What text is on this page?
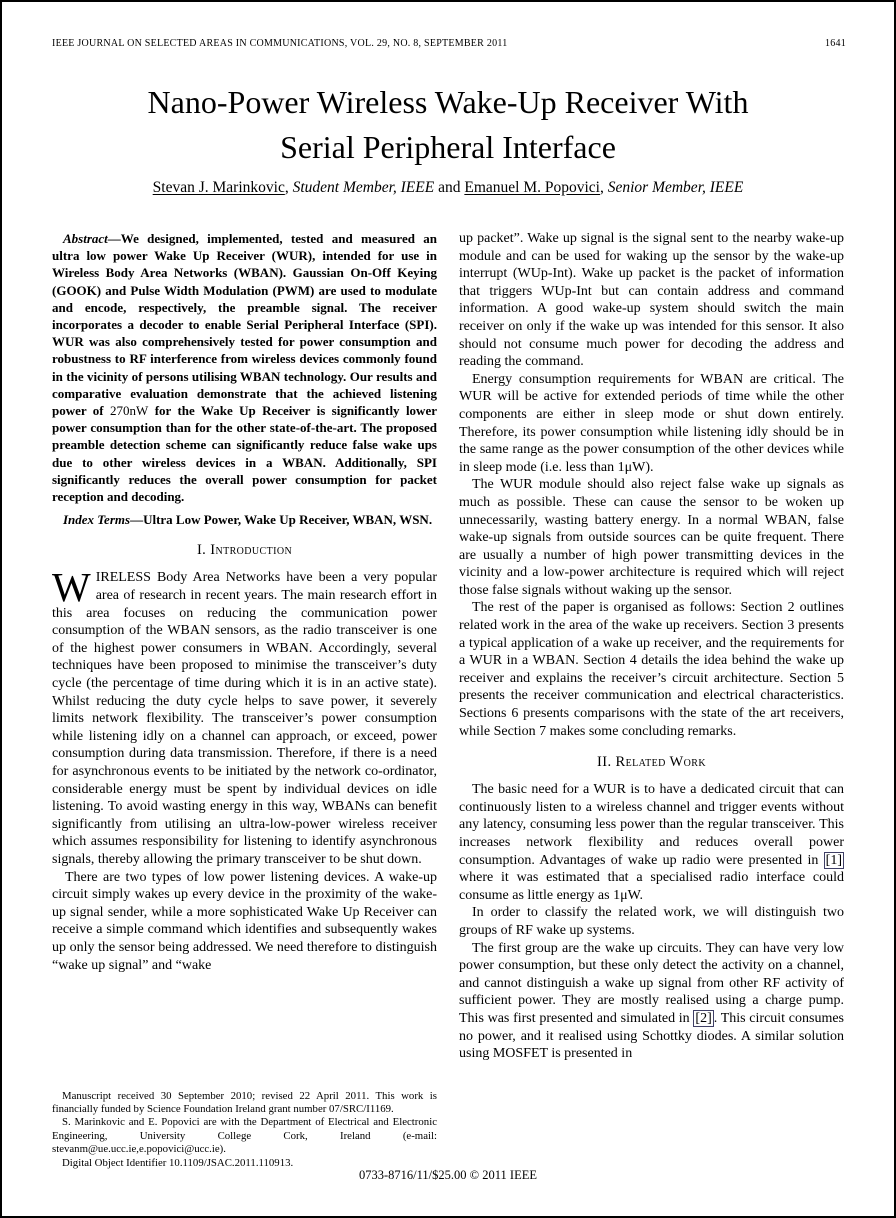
IEEE JOURNAL ON SELECTED AREAS IN COMMUNICATIONS, VOL. 29, NO. 8, SEPTEMBER 2011	1641
Nano-Power Wireless Wake-Up Receiver With
Serial Peripheral Interface
Stevan J. Marinkovic, Student Member, IEEE and Emanuel M. Popovici, Senior Member, IEEE

Abstract—We designed, implemented, tested and measured an ultra low power Wake Up Receiver (WUR), intended for use in Wireless Body Area Networks (WBAN). Gaussian On-Off Keying (GOOK) and Pulse Width Modulation (PWM) are used to modulate and encode, respectively, the preamble signal. The receiver incorporates a decoder to enable Serial Peripheral Interface (SPI). WUR was also comprehensively tested for power consumption and robustness to RF interference from wireless devices commonly found in the vicinity of persons utilising WBAN technology. Our results and comparative evaluation demonstrate that the achieved listening power of 270nW for the Wake Up Receiver is significantly lower power consumption than for the other state-of-the-art. The proposed preamble detection scheme can significantly reduce false wake ups due to other wireless devices in a WBAN. Additionally, SPI significantly reduces the overall power consumption for packet reception and decoding.

Index Terms—Ultra Low Power, Wake Up Receiver, WBAN, WSN.

I. Introduction

WIRELESS Body Area Networks have been a very popular area of research in recent years. The main research effort in this area focuses on reducing the communication power consumption of the WBAN sensors, as the radio transceiver is one of the highest power consumers in WBAN. Accordingly, several techniques have been proposed to minimise the transceiver’s duty cycle (the percentage of time during which it is in an active state). Whilst reducing the duty cycle helps to save power, it severely limits network flexibility. The transceiver’s power consumption while listening idly on a channel can approach, or exceed, power consumption during data transmission. Therefore, if there is a need for asynchronous events to be initiated by the network co-ordinator, considerable energy must be spent by individual devices on idle listening. To avoid wasting energy in this way, WBANs can benefit significantly from utilising an ultra-low-power wireless receiver which assumes responsibility for listening to identify asynchronous signals, thereby allowing the primary transceiver to be shut down.

There are two types of low power listening devices. A wake-up circuit simply wakes up every device in the proximity of the wake-up signal sender, while a more sophisticated Wake Up Receiver can receive a simple command which identifies and subsequently wakes up only the sensor being addressed. We need therefore to distinguish “wake up signal” and “wake

Manuscript received 30 September 2010; revised 22 April 2011. This work is financially funded by Science Foundation Ireland grant number 07/SRC/I1169.

S. Marinkovic and E. Popovici are with the Department of Electrical and Electronic Engineering, University College Cork, Ireland (e-mail: stevanm@ue.ucc.ie,e.popovici@ucc.ie).

Digital Object Identifier 10.1109/JSAC.2011.110913.

up packet”. Wake up signal is the signal sent to the nearby wake-up module and can be used for waking up the sensor by the wake-up interrupt (WUp-Int). Wake up packet is the packet of information that triggers WUp-Int but can contain address and command information. A good wake-up system should switch the main receiver on only if the wake up was intended for this sensor. It also should not consume much power for decoding the address and reading the command.

Energy consumption requirements for WBAN are critical. The WUR will be active for extended periods of time while the other components are either in sleep mode or shut down entirely. Therefore, its power consumption while listening idly should be in the same range as the power consumption of the other devices while in sleep mode (i.e. less than 1μW).

The WUR module should also reject false wake up signals as much as possible. These can cause the sensor to be woken up unnecessarily, wasting battery energy. In a normal WBAN, false wake-up signals from outside sources can be quite frequent. There are usually a number of high power transmitting devices in the vicinity and a low-power architecture is required which will reject those false signals without waking up the sensor.

The rest of the paper is organised as follows: Section 2 outlines related work in the area of the wake up receivers. Section 3 presents a typical application of a wake up receiver, and the requirements for a WUR in a WBAN. Section 4 details the idea behind the wake up receiver and explains the receiver’s circuit architecture. Section 5 presents the receiver communication and electrical characteristics. Sections 6 presents comparisons with the state of the art receivers, while Section 7 makes some concluding remarks.

II. Related Work

The basic need for a WUR is to have a dedicated circuit that can continuously listen to a wireless channel and trigger events without any latency, consuming less power than the regular transceiver. This increases network flexibility and reduces overall power consumption. Advantages of wake up radio were presented in [1] where it was estimated that a specialised radio interface could consume as little energy as 1μW.

In order to classify the related work, we will distinguish two groups of RF wake up systems.

The first group are the wake up circuits. They can have very low power consumption, but these only detect the activity on a channel, and cannot distinguish a wake up signal from other RF activity of sufficient power. They are mostly realised using a charge pump. This was first presented and simulated in [2] . This circuit consumes no power, and it realised using Schottky diodes. A similar solution using MOSFET is presented in

0733-8716/11/$25.00 © 2011 IEEE
